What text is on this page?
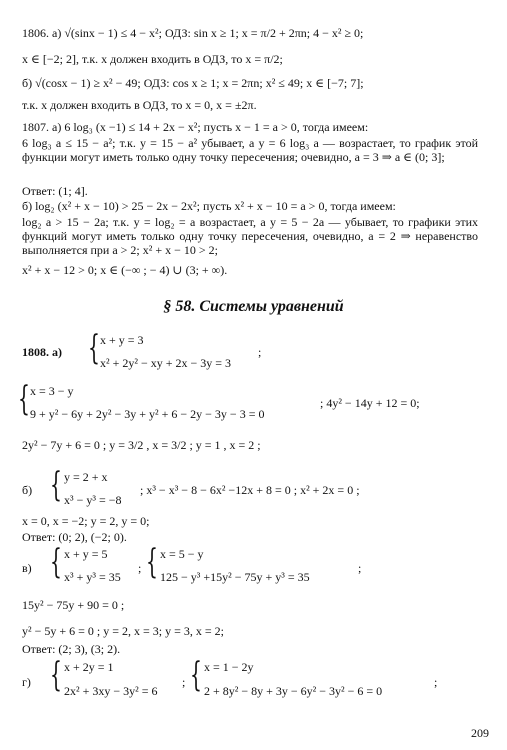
1806. а) √(sinx − 1) ≤ 4 − x²; ОДЗ: sin x ≥ 1; x = π/2 + 2πn; 4 − x² ≥ 0;
x ∈ [−2; 2], т.к. x должен входить в ОДЗ, то x = π/2;
б) √(cosx − 1) ≥ x² − 49; ОДЗ: cos x ≥ 1; x = 2πn; x² ≤ 49; x ∈ [−7; 7];
т.к. x должен входить в ОДЗ, то x = 0, x = ±2π.
1807. а) 6 log₃ (x −1) ≤ 14 + 2x − x²; пусть x − 1 = a > 0, тогда имеем:
6 log₃ a ≤ 15 − a²; т.к. y = 15 − a² убывает, а y = 6 log₃ a — возрастает, то график этой функции могут иметь только одну точку пересечения; очевидно, a = 3 ⇒ a ∈ (0; 3];
Ответ: (1; 4].
б) log₂ (x² + x − 10) > 25 − 2x − 2x²; пусть x² + x − 10 = a > 0, тогда имеем:
log₂ a > 15 − 2a; т.к. y = log₂ = a возрастает, а y = 5 − 2a — убывает, то графики этих функций могут иметь только одну точку пересечения, очевидно, a = 2 ⇒ неравенство выполняется при a > 2; x² + x − 10 > 2;
x² + x − 12 > 0; x ∈ (−∞ ; − 4) ∪ (3; + ∞).
§ 58. Системы уравнений
1808. а) { x + y = 3
x² + 2y² − xy + 2x − 3y = 3
;
{ x = 3 − y
9 + y² − 6y + 2y² − 3y + y² + 6 − 2y − 3y − 3 = 0
; 4y² − 14y + 12 = 0;
2y² − 7y + 6 = 0 ; y = 3/2 , x = 3/2 ; y = 1 , x = 2 ;
б) { y = 2 + x
x³ − y³ = −8
; x³ − x³ − 8 − 6x² −12x + 8 = 0 ; x² + 2x = 0 ;
x = 0, x = −2; y = 2, y = 0;
Ответ: (0; 2), (−2; 0).
в) { x + y = 5
x³ + y³ = 35
; { x = 5 − y
125 − y³ +15y² − 75y + y³ = 35
;
15y² − 75y + 90 = 0 ;
y² − 5y + 6 = 0 ; y = 2, x = 3; y = 3, x = 2;
Ответ: (2; 3), (3; 2).
г) { x + 2y = 1
2x² + 3xy − 3y² = 6
; { x = 1 − 2y
2 + 8y² − 8y + 3y − 6y² − 3y² − 6 = 0
;
209
